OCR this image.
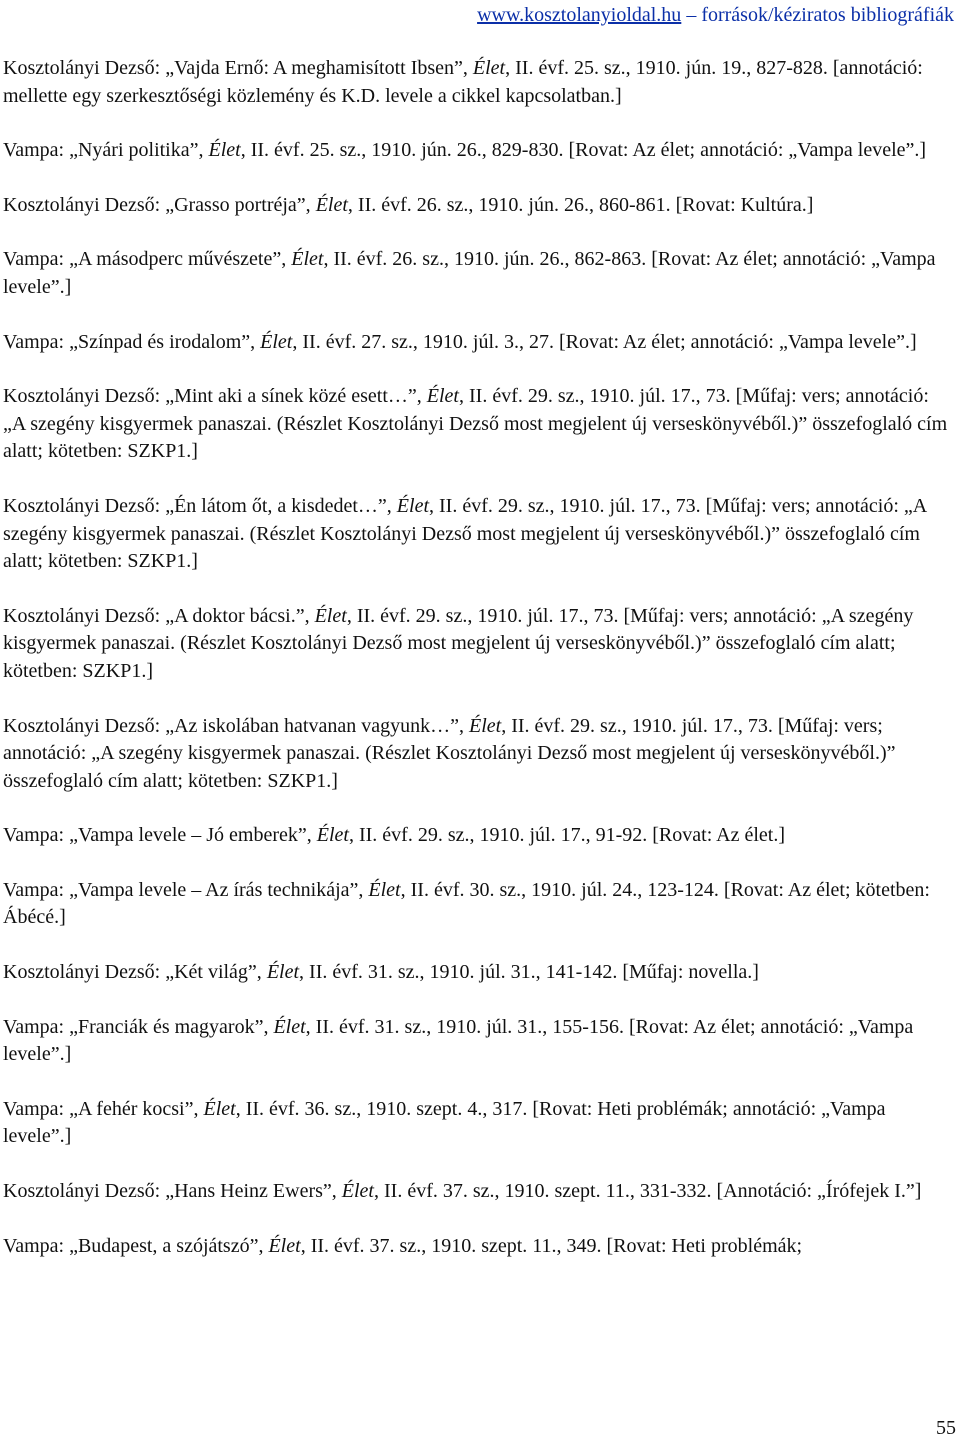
www.kosztolanyioldal.hu – források/kéziratos bibliográfiák

Kosztolányi Dezső: „Vajda Ernő: A meghamisított Ibsen”, Élet, II. évf. 25. sz., 1910. jún. 19., 827-828. [annotáció: mellette egy szerkesztőségi közlemény és K.D. levele a cikkel kapcsolatban.]

Vampa: „Nyári politika”, Élet, II. évf. 25. sz., 1910. jún. 26., 829-830. [Rovat: Az élet; annotáció: „Vampa levele”.]

Kosztolányi Dezső: „Grasso portréja”, Élet, II. évf. 26. sz., 1910. jún. 26., 860-861. [Rovat: Kultúra.]

Vampa: „A másodperc művészete”, Élet, II. évf. 26. sz., 1910. jún. 26., 862-863. [Rovat: Az élet; annotáció: „Vampa levele”.]

Vampa: „Színpad és irodalom”, Élet, II. évf. 27. sz., 1910. júl. 3., 27. [Rovat: Az élet; annotáció: „Vampa levele”.]

Kosztolányi Dezső: „Mint aki a sínek közé esett…”, Élet, II. évf. 29. sz., 1910. júl. 17., 73. [Műfaj: vers; annotáció: „A szegény kisgyermek panaszai. (Részlet Kosztolányi Dezső most megjelent új verseskönyvéből.)” összefoglaló cím alatt; kötetben: SZKP1.]

Kosztolányi Dezső: „Én látom őt, a kisdedet…”, Élet, II. évf. 29. sz., 1910. júl. 17., 73. [Műfaj: vers; annotáció: „A szegény kisgyermek panaszai. (Részlet Kosztolányi Dezső most megjelent új verseskönyvéből.)” összefoglaló cím alatt; kötetben: SZKP1.]

Kosztolányi Dezső: „A doktor bácsi.”, Élet, II. évf. 29. sz., 1910. júl. 17., 73. [Műfaj: vers; annotáció: „A szegény kisgyermek panaszai. (Részlet Kosztolányi Dezső most megjelent új verseskönyvéből.)” összefoglaló cím alatt; kötetben: SZKP1.]

Kosztolányi Dezső: „Az iskolában hatvanan vagyunk…”, Élet, II. évf. 29. sz., 1910. júl. 17., 73. [Műfaj: vers; annotáció: „A szegény kisgyermek panaszai. (Részlet Kosztolányi Dezső most megjelent új verseskönyvéből.)” összefoglaló cím alatt; kötetben: SZKP1.]

Vampa: „Vampa levele – Jó emberek”, Élet, II. évf. 29. sz., 1910. júl. 17., 91-92. [Rovat: Az élet.]

Vampa: „Vampa levele – Az írás technikája”, Élet, II. évf. 30. sz., 1910. júl. 24., 123-124. [Rovat: Az élet; kötetben: Ábécé.]

Kosztolányi Dezső: „Két világ”, Élet, II. évf. 31. sz., 1910. júl. 31., 141-142. [Műfaj: novella.]

Vampa: „Franciák és magyarok”, Élet, II. évf. 31. sz., 1910. júl. 31., 155-156. [Rovat: Az élet; annotáció: „Vampa levele”.]

Vampa: „A fehér kocsi”, Élet, II. évf. 36. sz., 1910. szept. 4., 317. [Rovat: Heti problémák; annotáció: „Vampa levele”.]

Kosztolányi Dezső: „Hans Heinz Ewers”, Élet, II. évf. 37. sz., 1910. szept. 11., 331-332. [Annotáció: „Írófejek I.”]

Vampa: „Budapest, a szójátszó”, Élet, II. évf. 37. sz., 1910. szept. 11., 349. [Rovat: Heti problémák;

55
